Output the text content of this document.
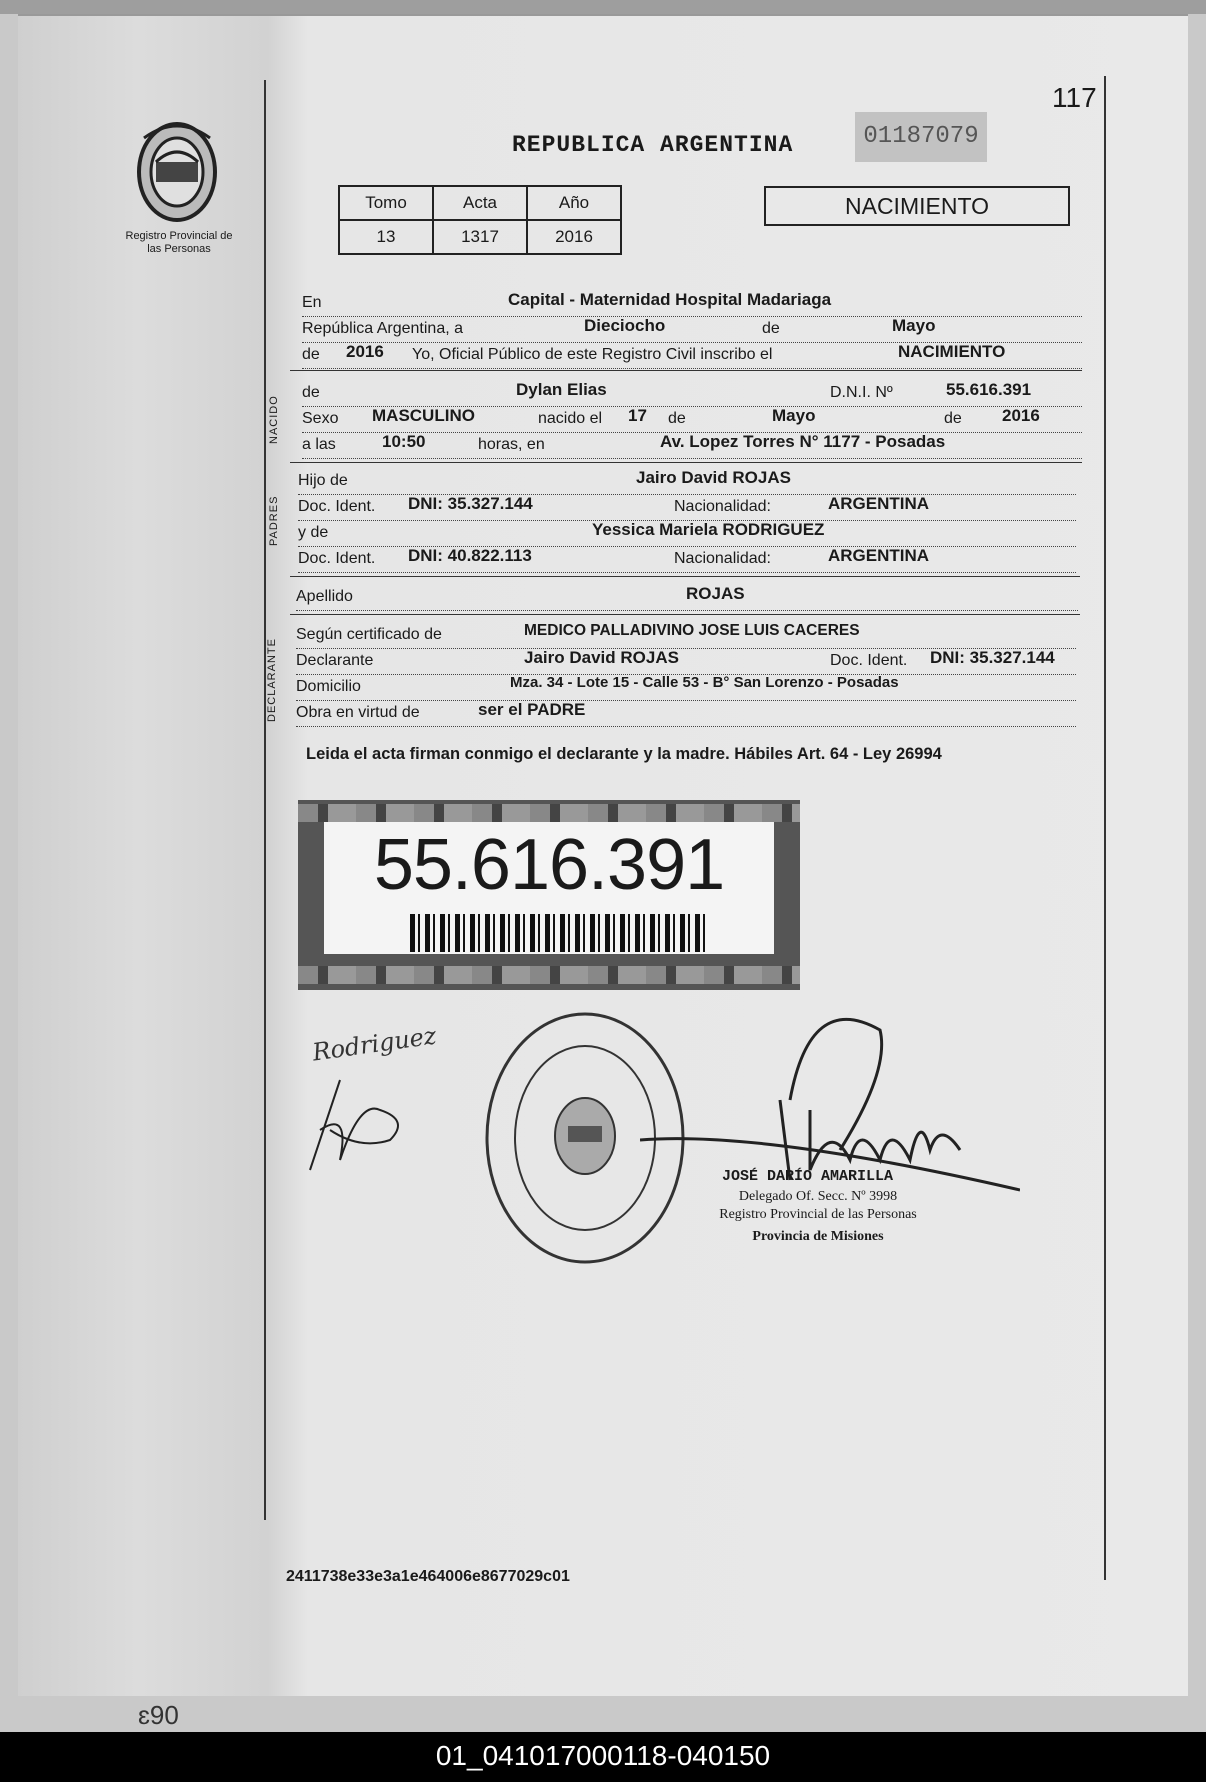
117
Registro Provincial de las Personas
REPUBLICA ARGENTINA	01187079
Tomo	Acta	Año
13	1317	2016
NACIMIENTO
En	Capital - Maternidad Hospital Madariaga
República Argentina, a	Dieciocho	de	Mayo
de 2016 Yo, Oficial Público de este Registro Civil inscribo el	NACIMIENTO
NACIDO
de	Dylan Elias	D.N.I. Nº	55.616.391
Sexo MASCULINO	nacido el 17 de	Mayo	de 2016
a las	10:50	horas, en	Av. Lopez Torres N° 1177 - Posadas
PADRES
Hijo de	Jairo David ROJAS
Doc. Ident. DNI: 35.327.144	Nacionalidad:	ARGENTINA
y de	Yessica Mariela RODRIGUEZ
Doc. Ident. DNI: 40.822.113	Nacionalidad:	ARGENTINA
Apellido	ROJAS
DECLARANTE
Según certificado de	MEDICO PALLADIVINO JOSE LUIS CACERES
Declarante	Jairo David ROJAS	Doc. Ident. DNI: 35.327.144
Domicilio	Mza. 34 - Lote 15 - Calle 53 - B° San Lorenzo - Posadas
Obra en virtud de	ser el PADRE
Leida el acta firman conmigo el declarante y la madre. Hábiles Art. 64 - Ley 26994
55.616.391
Rodriguez
JOSÉ DARÍO AMARILLA
Delegado Of. Secc. Nº 3998
Registro Provincial de las Personas
Provincia de Misiones
2411738e33e3a1e464006e8677029c01
ɛ90
01_041017000118-040150
